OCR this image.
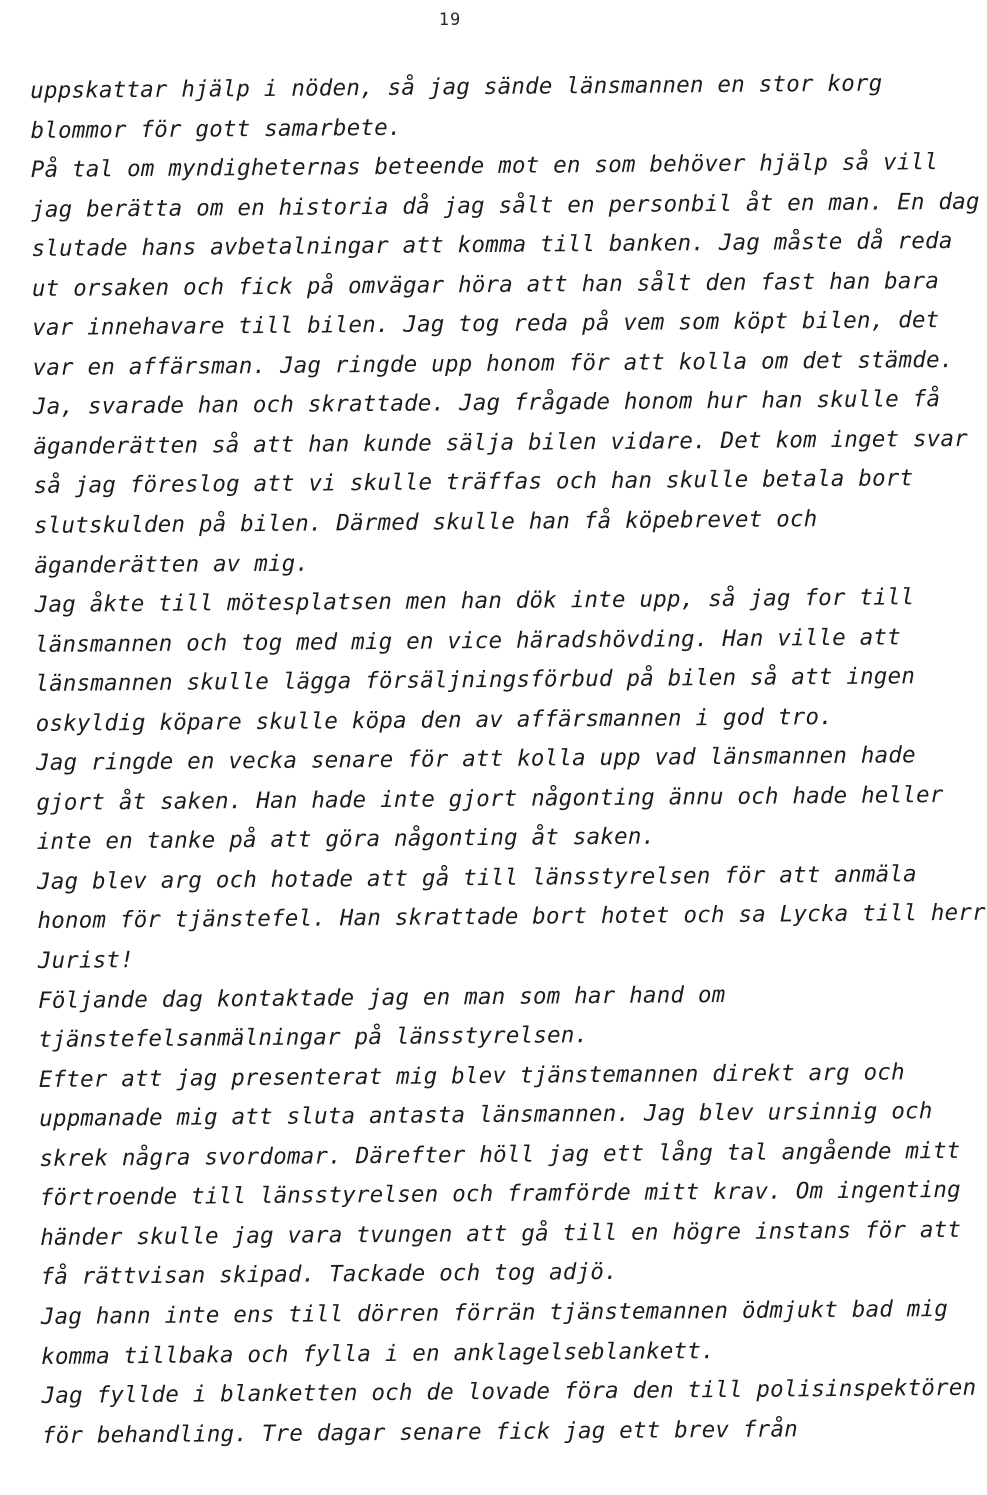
19
uppskattar hjälp i nöden, så jag sände länsmannen en stor korg
blommor för gott samarbete.
På tal om myndigheternas beteende mot en som behöver hjälp så vill
jag berätta om en historia då jag sålt en personbil åt en man. En dag
slutade hans avbetalningar att komma till banken. Jag måste då reda
ut orsaken och fick på omvägar höra att han sålt den fast han bara
var innehavare till bilen. Jag tog reda på vem som köpt bilen, det
var en affärsman. Jag ringde upp honom för att kolla om det stämde.
Ja, svarade han och skrattade. Jag frågade honom hur han skulle få
äganderätten så att han kunde sälja bilen vidare. Det kom inget svar
så jag föreslog att vi skulle träffas och han skulle betala bort
slutskulden på bilen. Därmed skulle han få köpebrevet och
äganderätten av mig.
Jag åkte till mötesplatsen men han dök inte upp, så jag for till
länsmannen och tog med mig en vice häradshövding. Han ville att
länsmannen skulle lägga försäljningsförbud på bilen så att ingen
oskyldig köpare skulle köpa den av affärsmannen i god tro.
Jag ringde en vecka senare för att kolla upp vad länsmannen hade
gjort åt saken. Han hade inte gjort någonting ännu och hade heller
inte en tanke på att göra någonting åt saken.
Jag blev arg och hotade att gå till länsstyrelsen för att anmäla
honom för tjänstefel. Han skrattade bort hotet och sa Lycka till herr
Jurist!
Följande dag kontaktade jag en man som har hand om
tjänstefelsanmälningar på länsstyrelsen.
Efter att jag presenterat mig blev tjänstemannen direkt arg och
uppmanade mig att sluta antasta länsmannen. Jag blev ursinnig och
skrek några svordomar. Därefter höll jag ett lång tal angående mitt
förtroende till länsstyrelsen och framförde mitt krav. Om ingenting
händer skulle jag vara tvungen att gå till en högre instans för att
få rättvisan skipad. Tackade och tog adjö.
Jag hann inte ens till dörren förrän tjänstemannen ödmjukt bad mig
komma tillbaka och fylla i en anklagelseblankett.
Jag fyllde i blanketten och de lovade föra den till polisinspektören
för behandling. Tre dagar senare fick jag ett brev från
